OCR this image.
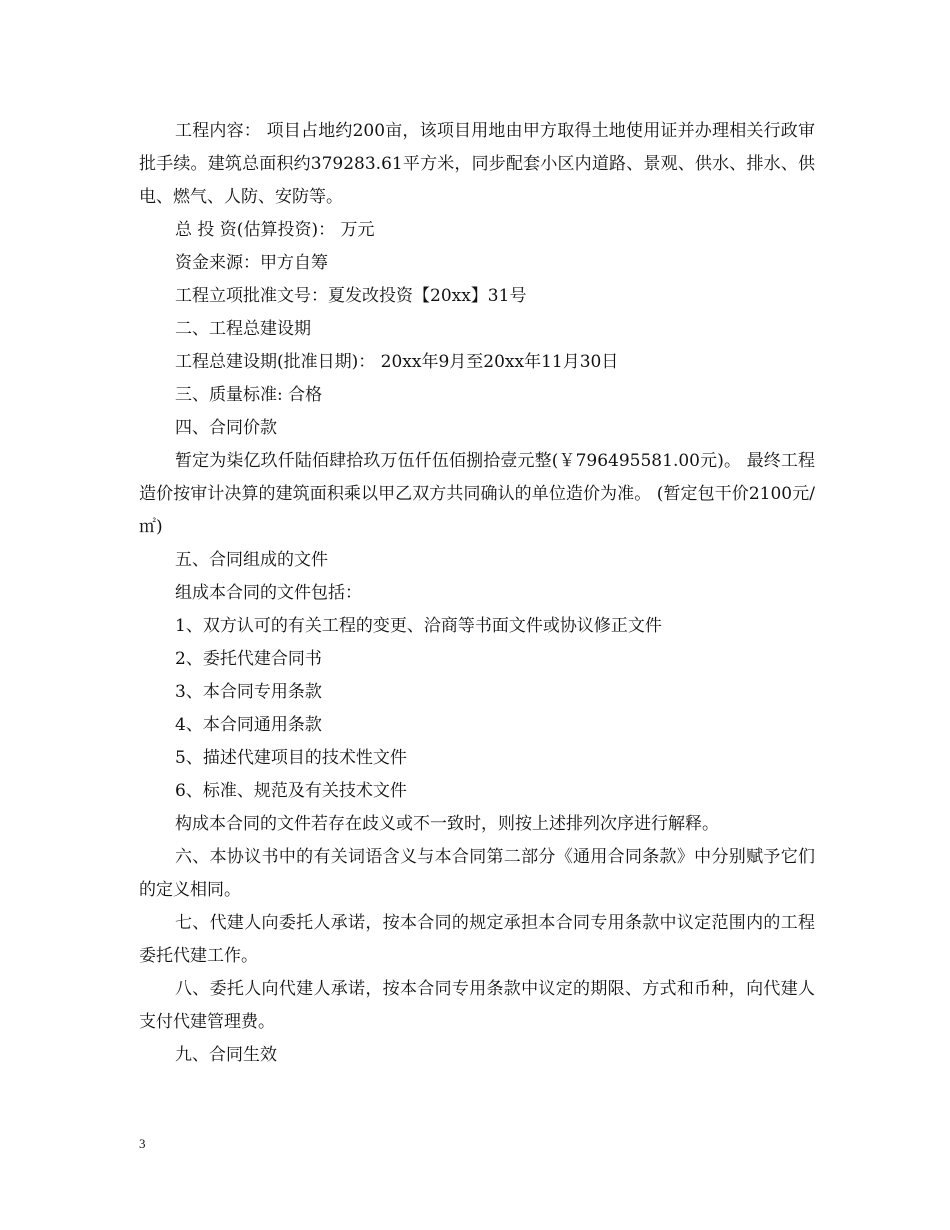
工程内容： 项目占地约200亩，该项目用地由甲方取得土地使用证并办理相关行政审批手续。建筑总面积约379283.61平方米，同步配套小区内道路、景观、供水、排水、供电、燃气、人防、安防等。

总 投 资(估算投资)： 万元

资金来源：甲方自筹

工程立项批准文号：夏发改投资【20xx】31号

二、工程总建设期

工程总建设期(批准日期)： 20xx年9月至20xx年11月30日

三、质量标准: 合格

四、合同价款

暂定为柒亿玖仟陆佰肆拾玖万伍仟伍佰捌拾壹元整(￥796495581.00元)。 最终工程造价按审计决算的建筑面积乘以甲乙双方共同确认的单位造价为准。 (暂定包干价2100元/㎡)

五、合同组成的文件

组成本合同的文件包括：

1、双方认可的有关工程的变更、洽商等书面文件或协议修正文件

2、委托代建合同书

3、本合同专用条款

4、本合同通用条款

5、描述代建项目的技术性文件

6、标准、规范及有关技术文件

构成本合同的文件若存在歧义或不一致时，则按上述排列次序进行解释。

六、本协议书中的有关词语含义与本合同第二部分《通用合同条款》中分别赋予它们的定义相同。

七、代建人向委托人承诺，按本合同的规定承担本合同专用条款中议定范围内的工程委托代建工作。

八、委托人向代建人承诺，按本合同专用条款中议定的期限、方式和币种，向代建人支付代建管理费。

九、合同生效

3
